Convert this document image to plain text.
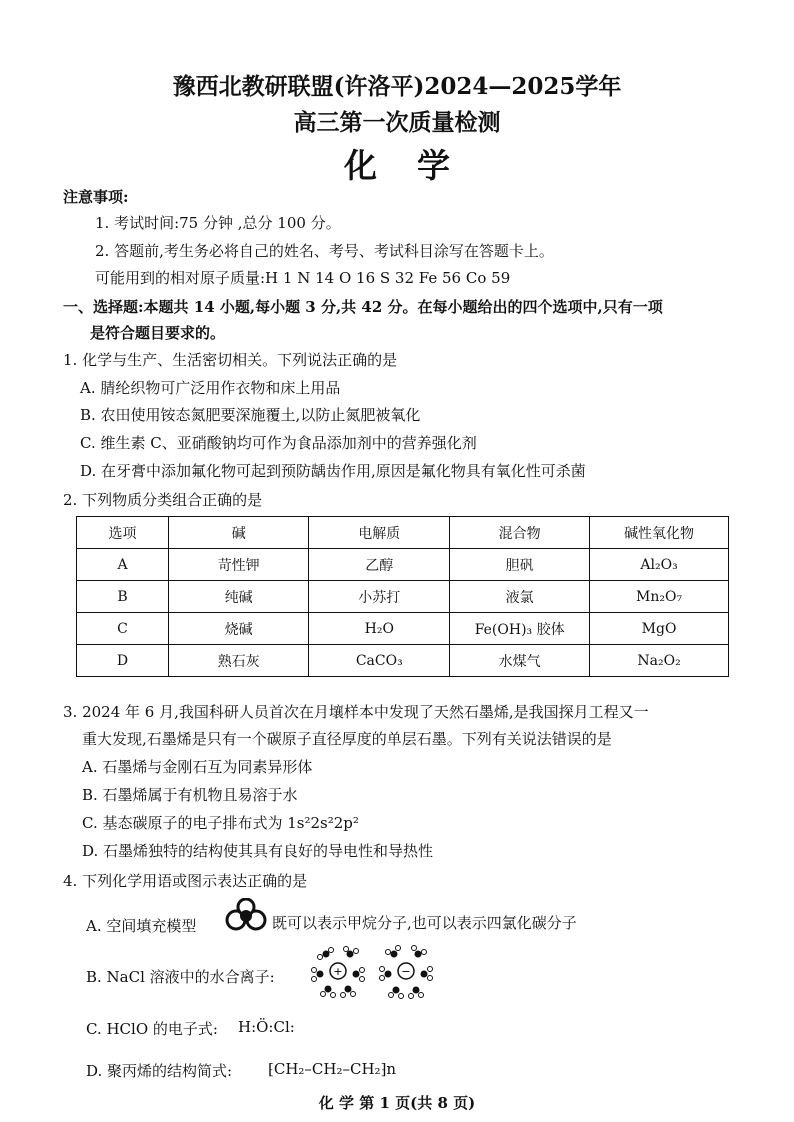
豫西北教研联盟(许洛平)2024—2025学年
高三第一次质量检测
化学
注意事项:
1. 考试时间:75 分钟 ,总分 100 分。
2. 答题前,考生务必将自己的姓名、考号、考试科目涂写在答题卡上。
可能用到的相对原子质量:H 1 N 14 O 16 S 32 Fe 56 Co 59
一、选择题:本题共 14 小题,每小题 3 分,共 42 分。在每小题给出的四个选项中,只有一项
是符合题目要求的。
1. 化学与生产、生活密切相关。下列说法正确的是
A. 腈纶织物可广泛用作衣物和床上用品
B. 农田使用铵态氮肥要深施覆土,以防止氮肥被氧化
C. 维生素 C、亚硝酸钠均可作为食品添加剂中的营养强化剂
D. 在牙膏中添加氟化物可起到预防龋齿作用,原因是氟化物具有氧化性可杀菌
2. 下列物质分类组合正确的是
选项	碱	电解质	混合物	碱性氧化物
A	苛性钾	乙醇	胆矾	Al₂O₃
B	纯碱	小苏打	液氯	Mn₂O₇
C	烧碱	H₂O	Fe(OH)₃ 胶体	MgO
D	熟石灰	CaCO₃	水煤气	Na₂O₂
3. 2024 年 6 月,我国科研人员首次在月壤样本中发现了天然石墨烯,是我国探月工程又一
重大发现,石墨烯是只有一个碳原子直径厚度的单层石墨。下列有关说法错误的是
A. 石墨烯与金刚石互为同素异形体
B. 石墨烯属于有机物且易溶于水
C. 基态碳原子的电子排布式为 1s²2s²2p²
D. 石墨烯独特的结构使其具有良好的导电性和导热性
4. 下列化学用语或图示表达正确的是
A. 空间填充模型	既可以表示甲烷分子,也可以表示四氯化碳分子
B. NaCl 溶液中的水合离子:	+	−
C. HClO 的电子式: H:Ö:Cl:
D. 聚丙烯的结构简式: ⁅CH₂–CH₂–CH₂⁆n
化 学 第 1 页(共 8 页)
